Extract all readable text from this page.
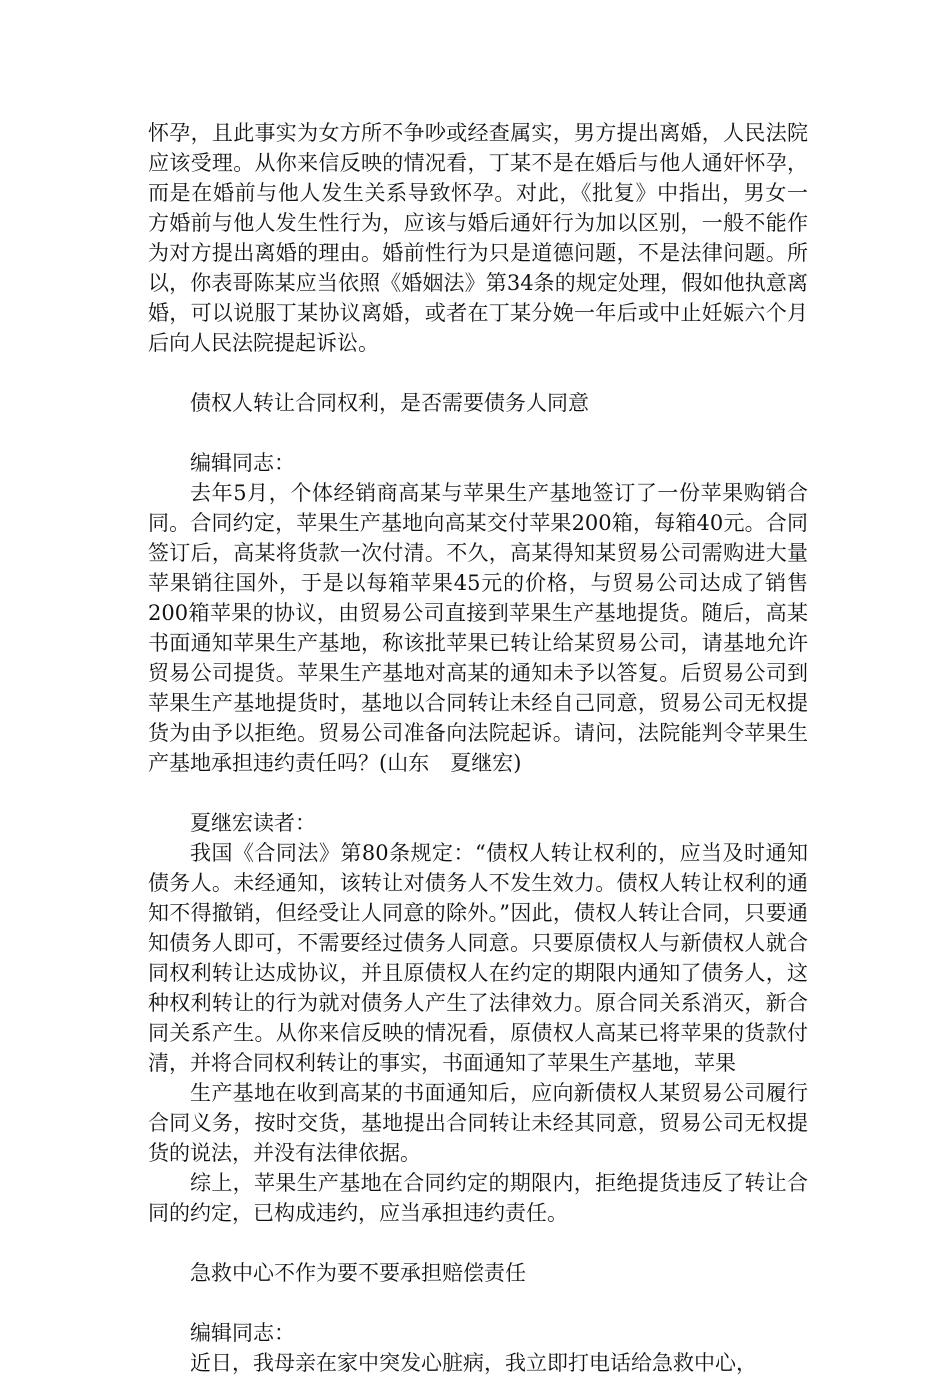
怀孕，且此事实为女方所不争吵或经查属实，男方提出离婚，人民法院应该受理。从你来信反映的情况看，丁某不是在婚后与他人通奸怀孕，而是在婚前与他人发生关系导致怀孕。对此，《批复》中指出，男女一方婚前与他人发生性行为，应该与婚后通奸行为加以区别，一般不能作为对方提出离婚的理由。婚前性行为只是道德问题，不是法律问题。所以，你表哥陈某应当依照《婚姻法》第34条的规定处理，假如他执意离婚，可以说服丁某协议离婚，或者在丁某分娩一年后或中止妊娠六个月后向人民法院提起诉讼。

债权人转让合同权利，是否需要债务人同意

编辑同志：

去年5月，个体经销商高某与苹果生产基地签订了一份苹果购销合同。合同约定，苹果生产基地向高某交付苹果200箱，每箱40元。合同签订后，高某将货款一次付清。不久，高某得知某贸易公司需购进大量苹果销往国外，于是以每箱苹果45元的价格，与贸易公司达成了销售200箱苹果的协议，由贸易公司直接到苹果生产基地提货。随后，高某书面通知苹果生产基地，称该批苹果已转让给某贸易公司，请基地允许贸易公司提货。苹果生产基地对高某的通知未予以答复。后贸易公司到苹果生产基地提货时，基地以合同转让未经自己同意，贸易公司无权提货为由予以拒绝。贸易公司准备向法院起诉。请问，法院能判令苹果生产基地承担违约责任吗？(山东　夏继宏)

夏继宏读者：

我国《合同法》第80条规定：“债权人转让权利的，应当及时通知债务人。未经通知，该转让对债务人不发生效力。债权人转让权利的通知不得撤销，但经受让人同意的除外。”因此，债权人转让合同，只要通知债务人即可，不需要经过债务人同意。只要原债权人与新债权人就合同权利转让达成协议，并且原债权人在约定的期限内通知了债务人，这种权利转让的行为就对债务人产生了法律效力。原合同关系消灭，新合同关系产生。从你来信反映的情况看，原债权人高某已将苹果的货款付清，并将合同权利转让的事实，书面通知了苹果生产基地，苹果

生产基地在收到高某的书面通知后，应向新债权人某贸易公司履行合同义务，按时交货，基地提出合同转让未经其同意，贸易公司无权提货的说法，并没有法律依据。

综上，苹果生产基地在合同约定的期限内，拒绝提货违反了转让合同的约定，已构成违约，应当承担违约责任。

急救中心不作为要不要承担赔偿责任

编辑同志：

近日，我母亲在家中突发心脏病，我立即打电话给急救中心，
